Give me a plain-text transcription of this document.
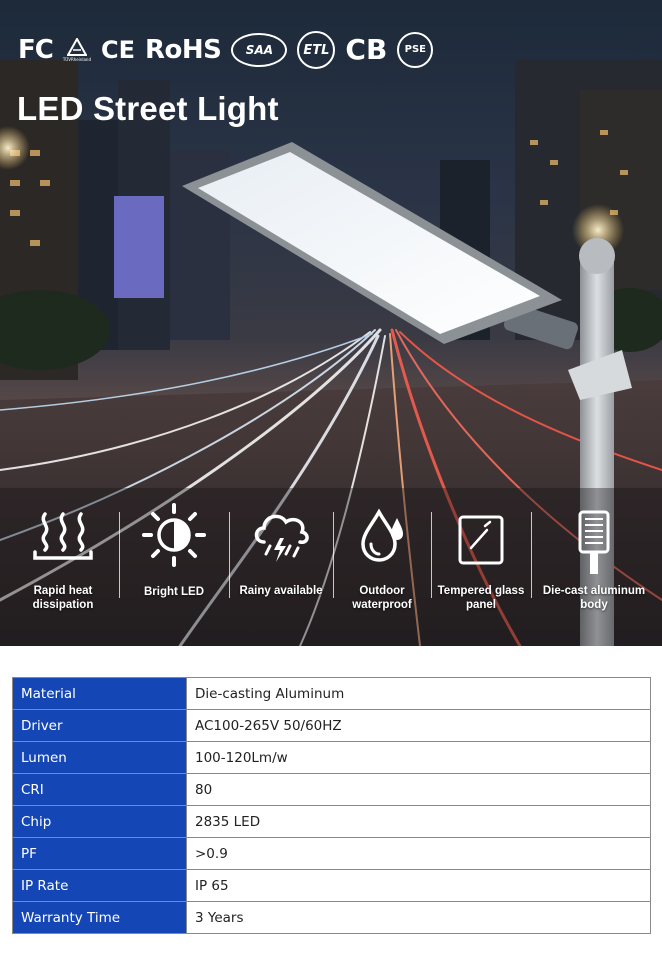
FC	TÜVRheinland CE RoHS	SAA	ETL CB	PSE
LED Street Light
Rapid heat
dissipation
Bright LED	Rainy available	Outdoor
waterproof
Tempered glass
panel
Die-cast aluminum
body
Material	Die-casting Aluminum
Driver	AC100-265V 50/60HZ
Lumen	100-120Lm/w
CRI	80
Chip	2835 LED
PF	>0.9
IP Rate	IP 65
Warranty Time	3 Years
